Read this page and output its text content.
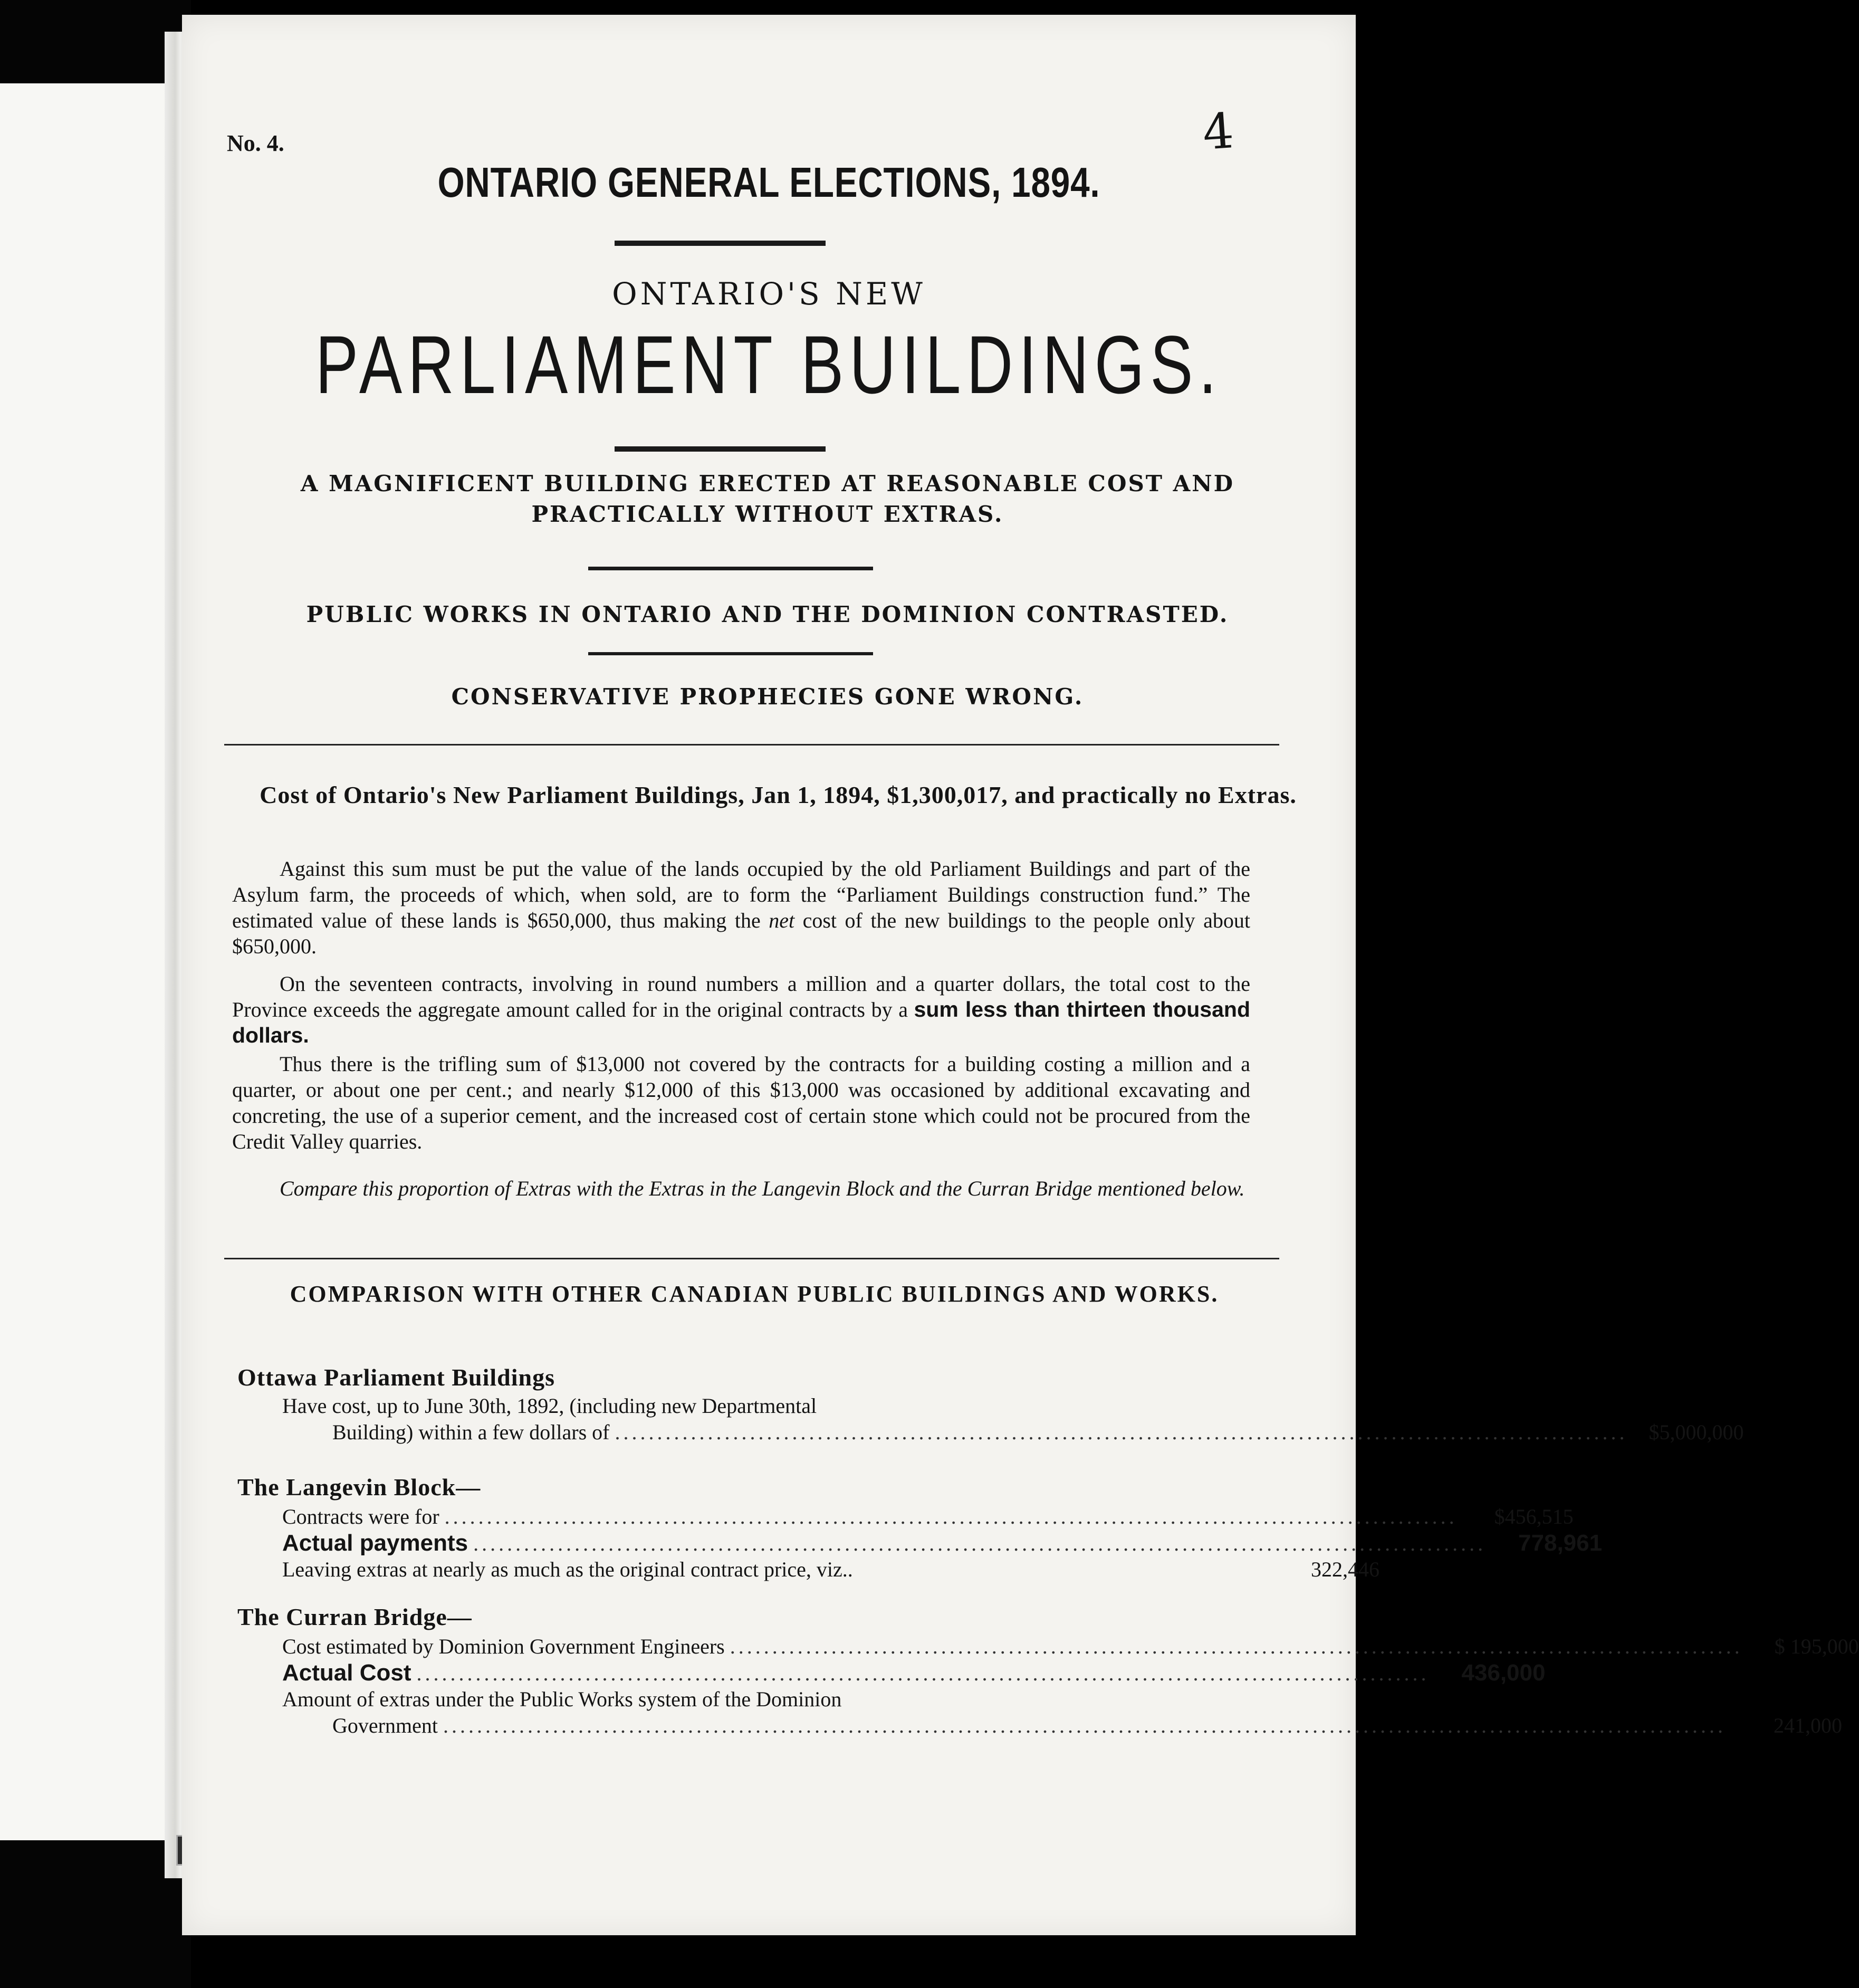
No. 4.	4
ONTARIO GENERAL ELECTIONS, 1894.
ONTARIO'S NEW
PARLIAMENT BUILDINGS.
A MAGNIFICENT BUILDING ERECTED AT REASONABLE COST AND PRACTICALLY WITHOUT EXTRAS.
PUBLIC WORKS IN ONTARIO AND THE DOMINION CONTRASTED.
CONSERVATIVE PROPHECIES GONE WRONG.
Cost of Ontario's New Parliament Buildings, Jan 1, 1894, $1,300,017, and practically no Extras.
Against this sum must be put the value of the lands occupied by the old Parliament Buildings and part of the Asylum farm, the proceeds of which, when sold, are to form the “Parliament Buildings construction fund.” The estimated value of these lands is $650,000, thus making the net cost of the new buildings to the people only about $650,000.
On the seventeen contracts, involving in round numbers a million and a quarter dollars, the total cost to the Province exceeds the aggregate amount called for in the original contracts by a sum less than thirteen thousand dollars.
Thus there is the trifling sum of $13,000 not covered by the contracts for a building costing a million and a quarter, or about one per cent.; and nearly $12,000 of this $13,000 was occasioned by additional excavating and concreting, the use of a superior cement, and the increased cost of certain stone which could not be procured from the Credit Valley quarries.
Compare this proportion of Extras with the Extras in the Langevin Block and the Curran Bridge mentioned below.
COMPARISON WITH OTHER CANADIAN PUBLIC BUILDINGS AND WORKS.
Ottawa Parliament Buildings
Have cost, up to June 30th, 1892, (including new Departmental
Building) within a few dollars of ........................................................................................................................	$5,000,000
The Langevin Block—
Contracts were for ........................................................................................................................	$456,515
Actual payments ........................................................................................................................	778,961
Leaving extras at nearly as much as the original contract price, viz..	322,446
The Curran Bridge—
Cost estimated by Dominion Government Engineers ........................................................................................................................	$ 195,000
Actual Cost ........................................................................................................................	436,000
Amount of extras under the Public Works system of the Dominion
Government ........................................................................................................................................................	241,000
